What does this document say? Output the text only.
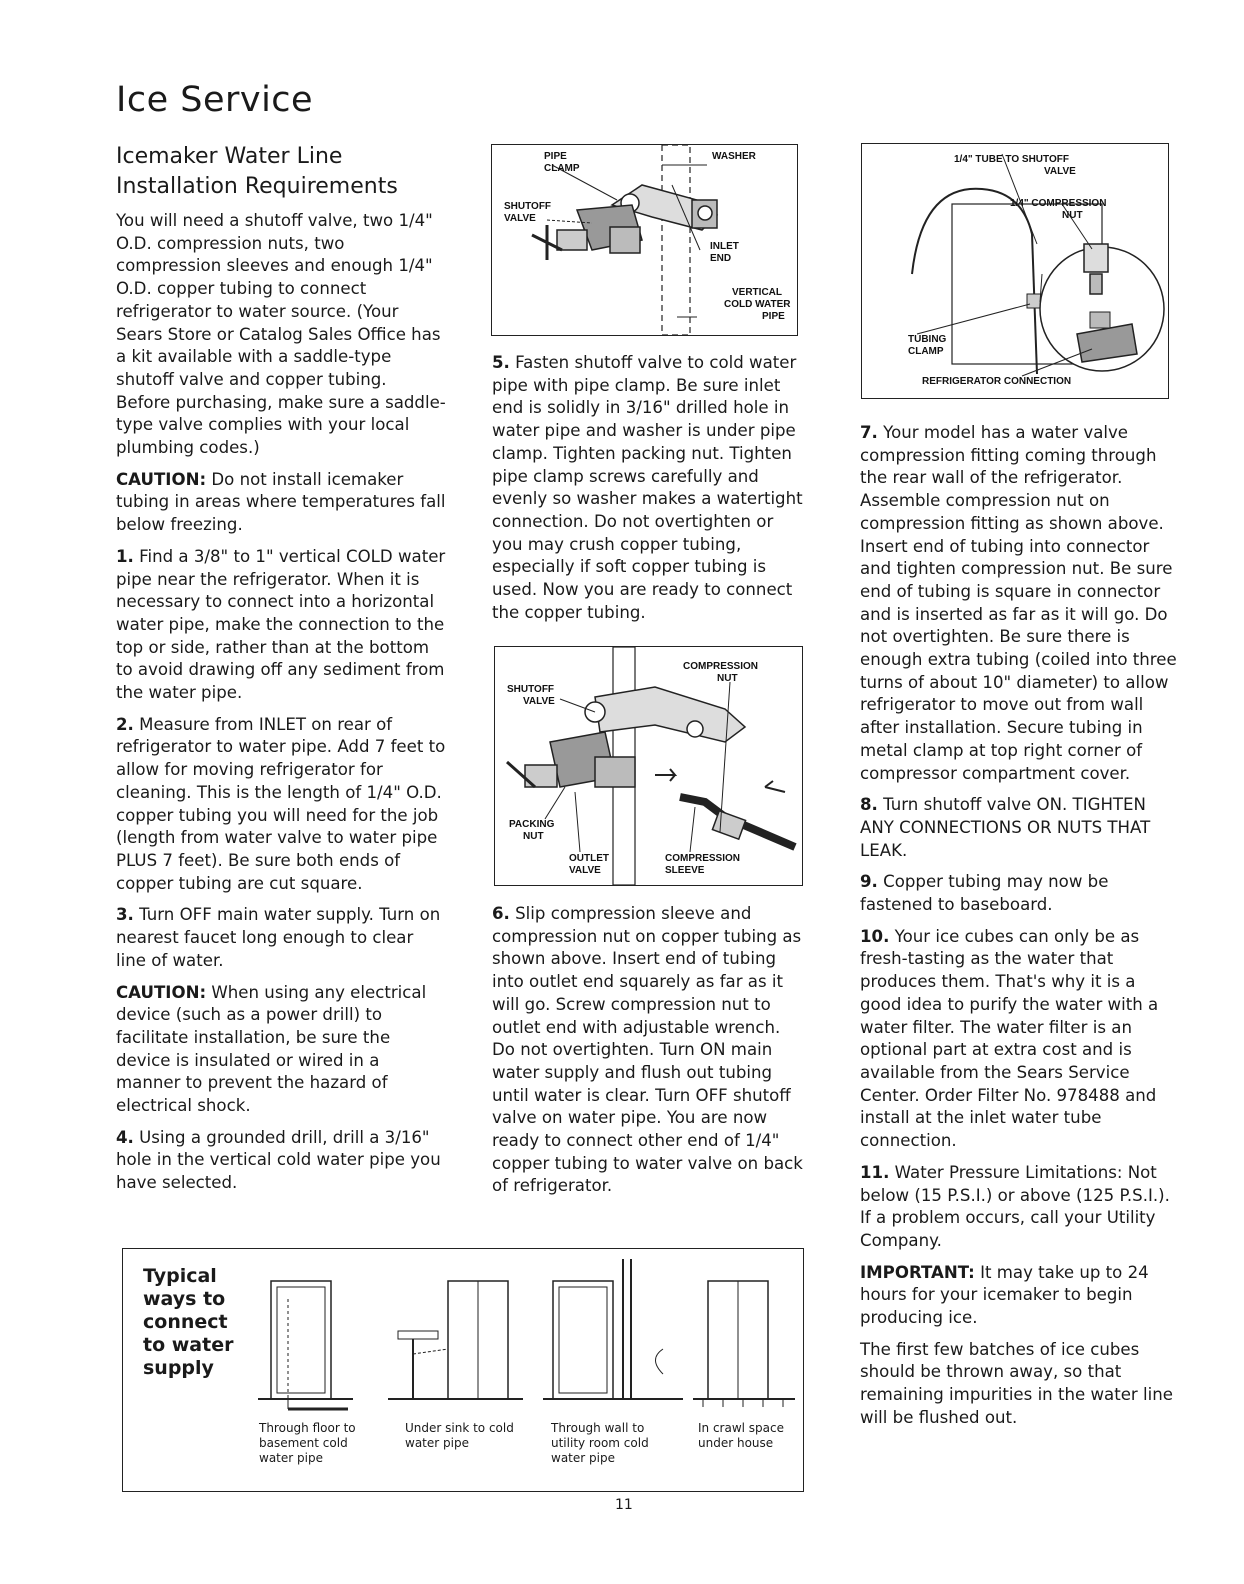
Ice Service
Icemaker Water Line Installation Requirements

You will need a shutoff valve, two 1/4" O.D. compression nuts, two compression sleeves and enough 1/4" O.D. copper tubing to connect refrigerator to water source. (Your Sears Store or Catalog Sales Office has a kit available with a saddle-type shutoff valve and copper tubing. Before purchasing, make sure a saddle-type valve complies with your local plumbing codes.)

CAUTION: Do not install icemaker tubing in areas where temperatures fall below freezing.

1. Find a 3/8" to 1" vertical COLD water pipe near the refrigerator. When it is necessary to connect into a horizontal water pipe, make the connection to the top or side, rather than at the bottom to avoid drawing off any sediment from the water pipe.

2. Measure from INLET on rear of refrigerator to water pipe. Add 7 feet to allow for moving refrigerator for cleaning. This is the length of 1/4" O.D. copper tubing you will need for the job (length from water valve to water pipe PLUS 7 feet). Be sure both ends of copper tubing are cut square.

3. Turn OFF main water supply. Turn on nearest faucet long enough to clear line of water.

CAUTION: When using any electrical device (such as a power drill) to facilitate installation, be sure the device is insulated or wired in a manner to prevent the hazard of electrical shock.

4. Using a grounded drill, drill a 3/16" hole in the vertical cold water pipe you have selected.

PIPE
CLAMP
WASHER
SHUTOFF
VALVE
INLET
END
VERTICAL
COLD WATER
PIPE

5. Fasten shutoff valve to cold water pipe with pipe clamp. Be sure inlet end is solidly in 3/16" drilled hole in water pipe and washer is under pipe clamp. Tighten packing nut. Tighten pipe clamp screws carefully and evenly so washer makes a watertight connection. Do not overtighten or you may crush copper tubing, especially if soft copper tubing is used. Now you are ready to connect the copper tubing.

SHUTOFF
VALVE
COMPRESSION
NUT
PACKING
NUT
OUTLET
VALVE
COMPRESSION
SLEEVE

6. Slip compression sleeve and compression nut on copper tubing as shown above. Insert end of tubing into outlet end squarely as far as it will go. Screw compression nut to outlet end with adjustable wrench. Do not overtighten. Turn ON main water supply and flush out tubing until water is clear. Turn OFF shutoff valve on water pipe. You are now ready to connect other end of 1/4" copper tubing to water valve on back of refrigerator.

1/4" TUBE TO SHUTOFF
VALVE
1/4" COMPRESSION
NUT
TUBING
CLAMP
REFRIGERATOR CONNECTION

7. Your model has a water valve compression fitting coming through the rear wall of the refrigerator. Assemble compression nut on compression fitting as shown above. Insert end of tubing into connector and tighten compression nut. Be sure end of tubing is square in connector and is inserted as far as it will go. Do not overtighten. Be sure there is enough extra tubing (coiled into three turns of about 10" diameter) to allow refrigerator to move out from wall after installation. Secure tubing in metal clamp at top right corner of compressor compartment cover.

8. Turn shutoff valve ON. TIGHTEN ANY CONNECTIONS OR NUTS THAT LEAK.

9. Copper tubing may now be fastened to baseboard.

10. Your ice cubes can only be as fresh-tasting as the water that produces them. That's why it is a good idea to purify the water with a water filter. The water filter is an optional part at extra cost and is available from the Sears Service Center. Order Filter No. 978488 and install at the inlet water tube connection.

11. Water Pressure Limitations: Not below (15 P.S.I.) or above (125 P.S.I.). If a problem occurs, call your Utility Company.

IMPORTANT: It may take up to 24 hours for your icemaker to begin producing ice.

The first few batches of ice cubes should be thrown away, so that remaining impurities in the water line will be flushed out.

Typical ways to connect to water supply
Through floor to basement cold water pipe
Under sink to cold water pipe
Through wall to utility room cold water pipe
In crawl space under house
11
